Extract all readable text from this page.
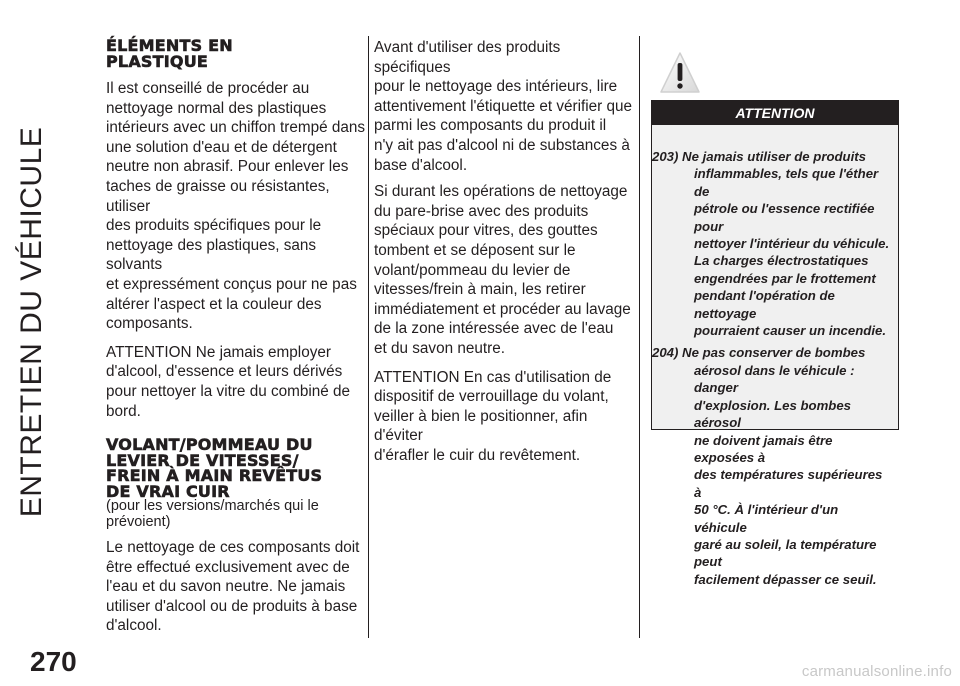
ENTRETIEN DU VÉHICULE
ÉLÉMENTS EN
PLASTIQUE

Il est conseillé de procéder au
nettoyage normal des plastiques
intérieurs avec un chiffon trempé dans
une solution d'eau et de détergent
neutre non abrasif. Pour enlever les
taches de graisse ou résistantes, utiliser
des produits spécifiques pour le
nettoyage des plastiques, sans solvants
et expressément conçus pour ne pas
altérer l'aspect et la couleur des
composants.

ATTENTION Ne jamais employer
d'alcool, d'essence et leurs dérivés
pour nettoyer la vitre du combiné de
bord.

VOLANT/POMMEAU DU
LEVIER DE VITESSES/
FREIN À MAIN REVÊTUS
DE VRAI CUIR

(pour les versions/marchés qui le
prévoient)

Le nettoyage de ces composants doit
être effectué exclusivement avec de
l'eau et du savon neutre. Ne jamais
utiliser d'alcool ou de produits à base
d'alcool.

Avant d'utiliser des produits spécifiques
pour le nettoyage des intérieurs, lire
attentivement l'étiquette et vérifier que
parmi les composants du produit il
n'y ait pas d'alcool ni de substances à
base d'alcool.

Si durant les opérations de nettoyage
du pare-brise avec des produits
spéciaux pour vitres, des gouttes
tombent et se déposent sur le
volant/pommeau du levier de
vitesses/frein à main, les retirer
immédiatement et procéder au lavage
de la zone intéressée avec de l'eau
et du savon neutre.

ATTENTION En cas d'utilisation de
dispositif de verrouillage du volant,
veiller à bien le positionner, afin d'éviter
d'érafler le cuir du revêtement.

ATTENTION
203) Ne jamais utiliser de produits
inflammables, tels que l'éther de
pétrole ou l'essence rectifiée pour
nettoyer l'intérieur du véhicule.
La charges électrostatiques
engendrées par le frottement
pendant l'opération de nettoyage
pourraient causer un incendie.
204) Ne pas conserver de bombes
aérosol dans le véhicule : danger
d'explosion. Les bombes aérosol
ne doivent jamais être exposées à
des températures supérieures à
50 °C. À l'intérieur d'un véhicule
garé au soleil, la température peut
facilement dépasser ce seuil.
270	carmanualsonline.info
